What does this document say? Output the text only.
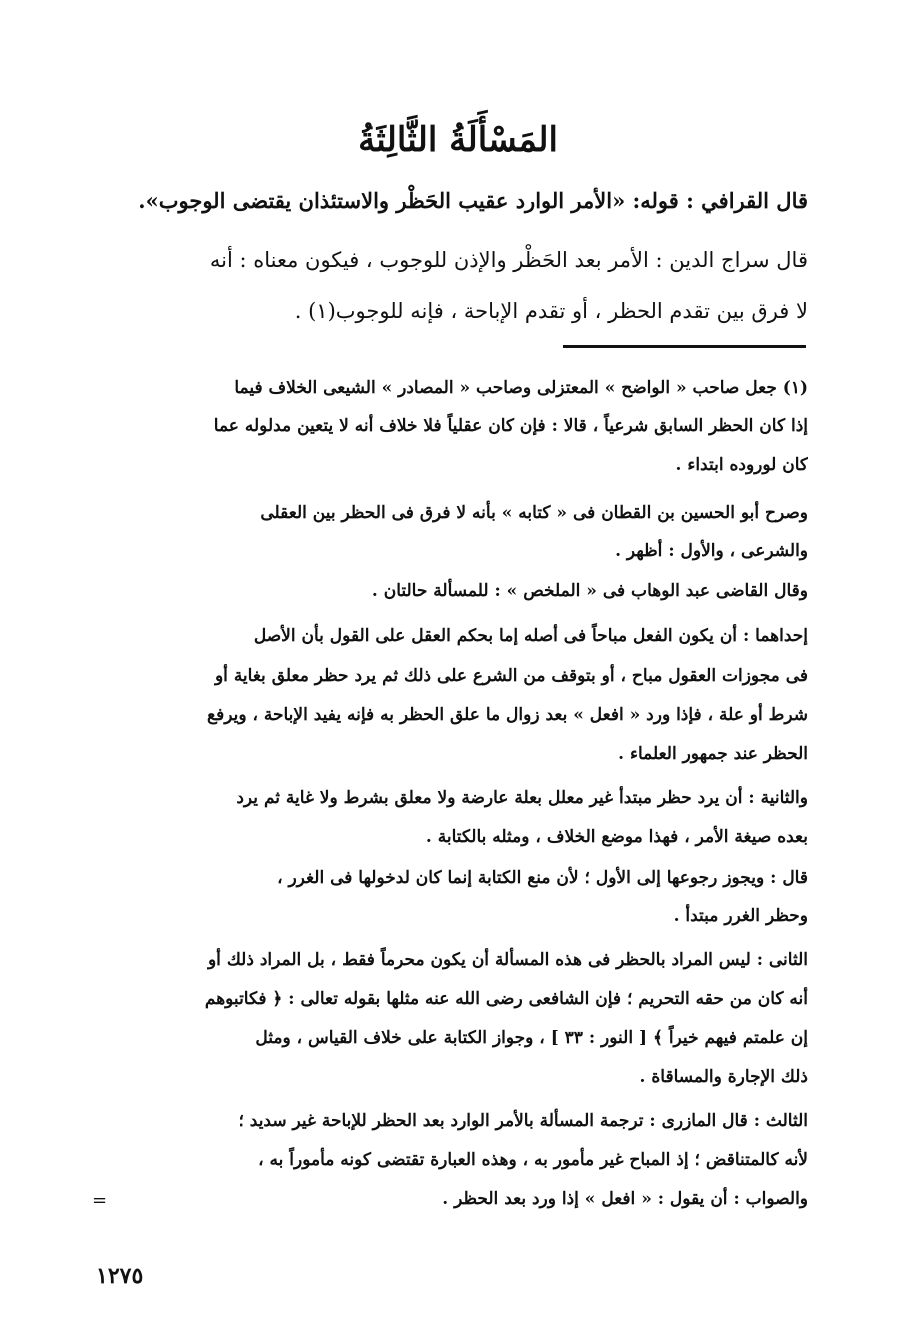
المَسْأَلَةُ الثَّالِثَةُ
قال القرافي : قوله: «الأمر الوارد عقيب الحَظْر والاستئذان يقتضى الوجوب».
قال سراج الدين : الأمر بعد الحَظْر والإذن للوجوب ، فيكون معناه : أنه
لا فرق بين تقدم الحظر ، أو تقدم الإباحة ، فإنه للوجوب(١) .
(١) جعل صاحب « الواضح » المعتزلى وصاحب « المصادر » الشيعى الخلاف فيما
إذا كان الحظر السابق شرعياً ، قالا : فإن كان عقلياً فلا خلاف أنه لا يتعين مدلوله عما
كان لوروده ابتداء .
وصرح أبو الحسين بن القطان فى « كتابه » بأنه لا فرق فى الحظر بين العقلى
والشرعى ، والأول : أظهر .
وقال القاضى عبد الوهاب فى « الملخص » : للمسألة حالتان .
إحداهما : أن يكون الفعل مباحاً فى أصله إما بحكم العقل على القول بأن الأصل
فى مجوزات العقول مباح ، أو بتوقف من الشرع على ذلك ثم يرد حظر معلق بغاية أو
شرط أو علة ، فإذا ورد « افعل » بعد زوال ما علق الحظر به فإنه يفيد الإباحة ، ويرفع
الحظر عند جمهور العلماء .
والثانية : أن يرد حظر مبتدأ غير معلل بعلة عارضة ولا معلق بشرط ولا غاية ثم يرد
بعده صيغة الأمر ، فهذا موضع الخلاف ، ومثله بالكتابة .
قال : ويجوز رجوعها إلى الأول ؛ لأن منع الكتابة إنما كان لدخولها فى الغرر ،
وحظر الغرر مبتدأ .
الثانى : ليس المراد بالحظر فى هذه المسألة أن يكون محرماً فقط ، بل المراد ذلك أو
أنه كان من حقه التحريم ؛ فإن الشافعى رضى الله عنه مثلها بقوله تعالى : ﴿ فكاتبوهم
إن علمتم فيهم خيراً ﴾ [ النور : ٣٣ ] ، وجواز الكتابة على خلاف القياس ، ومثل
ذلك الإجارة والمساقاة .
الثالث : قال المازرى : ترجمة المسألة بالأمر الوارد بعد الحظر للإباحة غير سديد ؛
لأنه كالمتناقض ؛ إذ المباح غير مأمور به ، وهذه العبارة تقتضى كونه مأموراً به ،
والصواب : أن يقول : « افعل » إذا ورد بعد الحظر .
=
١٢٧٥
